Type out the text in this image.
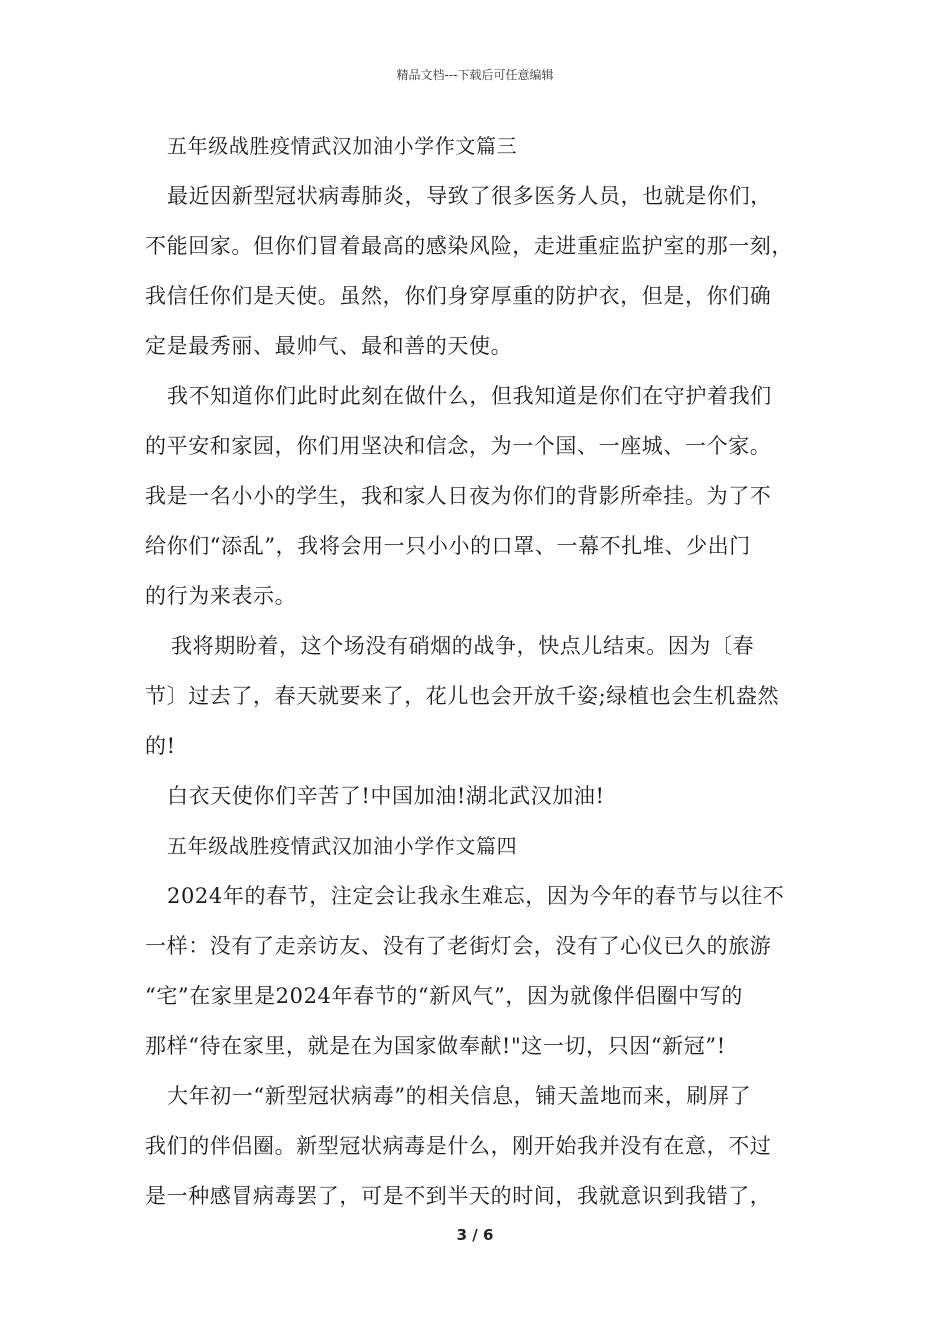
精品文档---下载后可任意编辑
五年级战胜疫情武汉加油小学作文篇三
最近因新型冠状病毒肺炎，导致了很多医务人员，也就是你们，
不能回家。但你们冒着最高的感染风险，走进重症监护室的那一刻，
我信任你们是天使。虽然，你们身穿厚重的防护衣，但是，你们确
定是最秀丽、最帅气、最和善的天使。
我不知道你们此时此刻在做什么，但我知道是你们在守护着我们
的平安和家园，你们用坚决和信念，为一个国、一座城、一个家。
我是一名小小的学生，我和家人日夜为你们的背影所牵挂。为了不
给你们“添乱”，我将会用一只小小的口罩、一幕不扎堆、少出门
的行为来表示。
我将期盼着，这个场没有硝烟的战争，快点儿结束。因为〔春
节〕过去了，春天就要来了，花儿也会开放千姿;绿植也会生机盎然
的!
白衣天使你们辛苦了!中国加油!湖北武汉加油!
五年级战胜疫情武汉加油小学作文篇四
2024年的春节，注定会让我永生难忘，因为今年的春节与以往不
一样：没有了走亲访友、没有了老街灯会，没有了心仪已久的旅游
“宅”在家里是2024年春节的“新风气”，因为就像伴侣圈中写的
那样“待在家里，就是在为国家做奉献!"这一切，只因“新冠”!
大年初一“新型冠状病毒”的相关信息，铺天盖地而来，刷屏了
我们的伴侣圈。新型冠状病毒是什么，刚开始我并没有在意，不过
是一种感冒病毒罢了，可是不到半天的时间，我就意识到我错了，
3 / 6
